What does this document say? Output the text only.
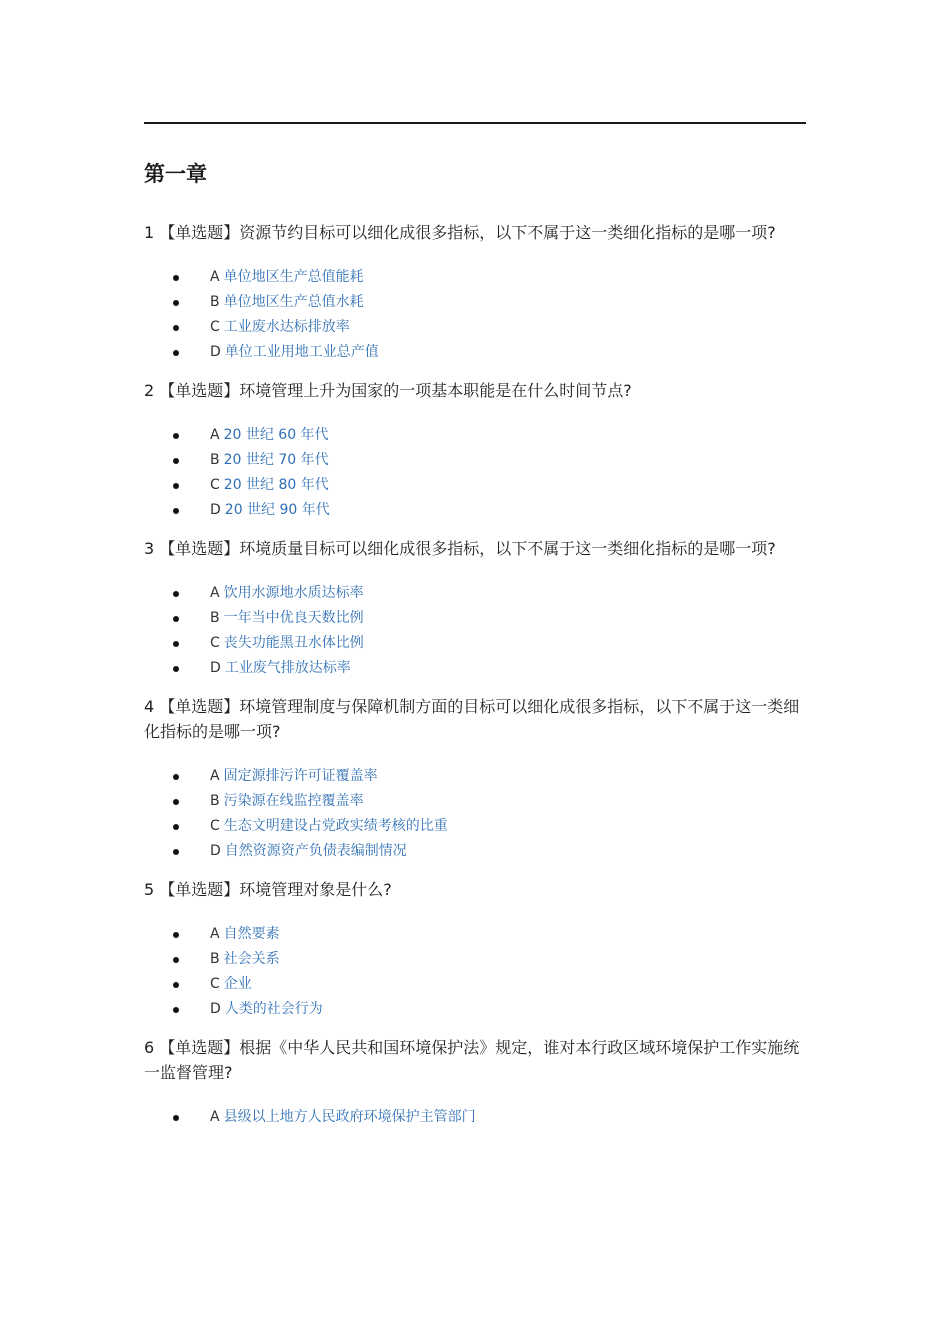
第一章

1 【单选题】资源节约目标可以细化成很多指标，以下不属于这一类细化指标的是哪一项?

A 单位地区生产总值能耗
B 单位地区生产总值水耗
C 工业废水达标排放率
D 单位工业用地工业总产值

2 【单选题】环境管理上升为国家的一项基本职能是在什么时间节点?

A 20 世纪 60 年代
B 20 世纪 70 年代
C 20 世纪 80 年代
D 20 世纪 90 年代

3 【单选题】环境质量目标可以细化成很多指标，以下不属于这一类细化指标的是哪一项?

A 饮用水源地水质达标率
B 一年当中优良天数比例
C 丧失功能黑丑水体比例
D 工业废气排放达标率

4 【单选题】环境管理制度与保障机制方面的目标可以细化成很多指标，以下不属于这一类细化指标的是哪一项?

A 固定源排污许可证覆盖率
B 污染源在线监控覆盖率
C 生态文明建设占党政实绩考核的比重
D 自然资源资产负债表编制情况

5 【单选题】环境管理对象是什么?

A 自然要素
B 社会关系
C 企业
D 人类的社会行为

6 【单选题】根据《中华人民共和国环境保护法》规定，谁对本行政区域环境保护工作实施统一监督管理?

A 县级以上地方人民政府环境保护主管部门
